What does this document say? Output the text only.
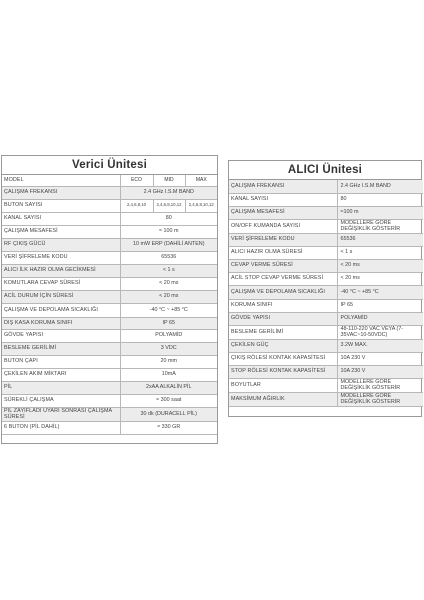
Verici Ünitesi
MODEL	ECO	MID	MAX
ÇALIŞMA FREKANSI	2.4 GHz I.S.M BAND		
BUTON SAYISI	2,4,6,8,10	2,4,6,8,10,12	2,4,6,8,10,12
KANAL SAYISI	80		
ÇALIŞMA MESAFESİ	≈ 100 m		
RF ÇIKIŞ GÜCÜ	10 mW ERP (DAHİLİ ANTEN)		
VERİ ŞİFRELEME KODU	65536		
ALICI İLK HAZIR OLMA GECİKMESİ	< 1 s		
KOMUTLARA CEVAP SÜRESİ	< 20 ms		
ACİL DURUM İÇİN SÜRESİ	< 20 ms		
ÇALIŞMA VE DEPOLAMA SICAKLIĞI	-40 °C ~ +85 °C		
DIŞ KASA KORUMA SINIFI	IP 65		
GÖVDE YAPISI	POLYAMİD		
BESLEME GERİLİMİ	3 VDC		
BUTON ÇAPI	20 mm		
ÇEKİLEN AKIM MİKTARI	10mA		
PİL	2xAA ALKALİN PİL		
SÜREKLİ ÇALIŞMA	≈ 300 saat		
PİL ZAYIFLADI UYARI SONRASI ÇALIŞMA SÜRESİ	30 dk (DURACELL PİL)		
6 BUTON (PİL DAHİL)	≈ 330 GR		
ALICI Ünitesi
ÇALIŞMA FREKANSI	2.4 GHz I.S.M BAND
KANAL SAYISI	80
ÇALIŞMA MESAFESİ	≈100 m
ON/OFF KUMANDA SAYISI	MODELLERE GÖRE DEĞİŞİKLİK GÖSTERİR
VERİ ŞİFRELEME KODU	65536
ALICI HAZIR OLMA SÜRESİ	< 1 s
CEVAP VERME SÜRESİ	< 20 ms
ACİL STOP CEVAP VERME SÜRESİ	< 20 ms
ÇALIŞMA VE DEPOLAMA SICAKLIĞI	-40 °C ~ +85 °C
KORUMA SINIFI	IP 65
GÖVDE YAPISI	POLYAMİD
BESLEME GERİLİMİ	48-110-220 VAC VEYA (7-35VAC~10-50VDC)
ÇEKİLEN GÜÇ	3.2W MAX.
ÇIKIŞ RÖLESİ KONTAK KAPASİTESİ	10A 230 V
STOP RÖLESİ KONTAK KAPASİTESİ	10A 230 V
BOYUTLAR	MODELLERE GÖRE DEĞİŞİKLİK GÖSTERİR
MAKSİMUM AĞIRLIK	MODELLERE GÖRE DEĞİŞİKLİK GÖSTERİR
